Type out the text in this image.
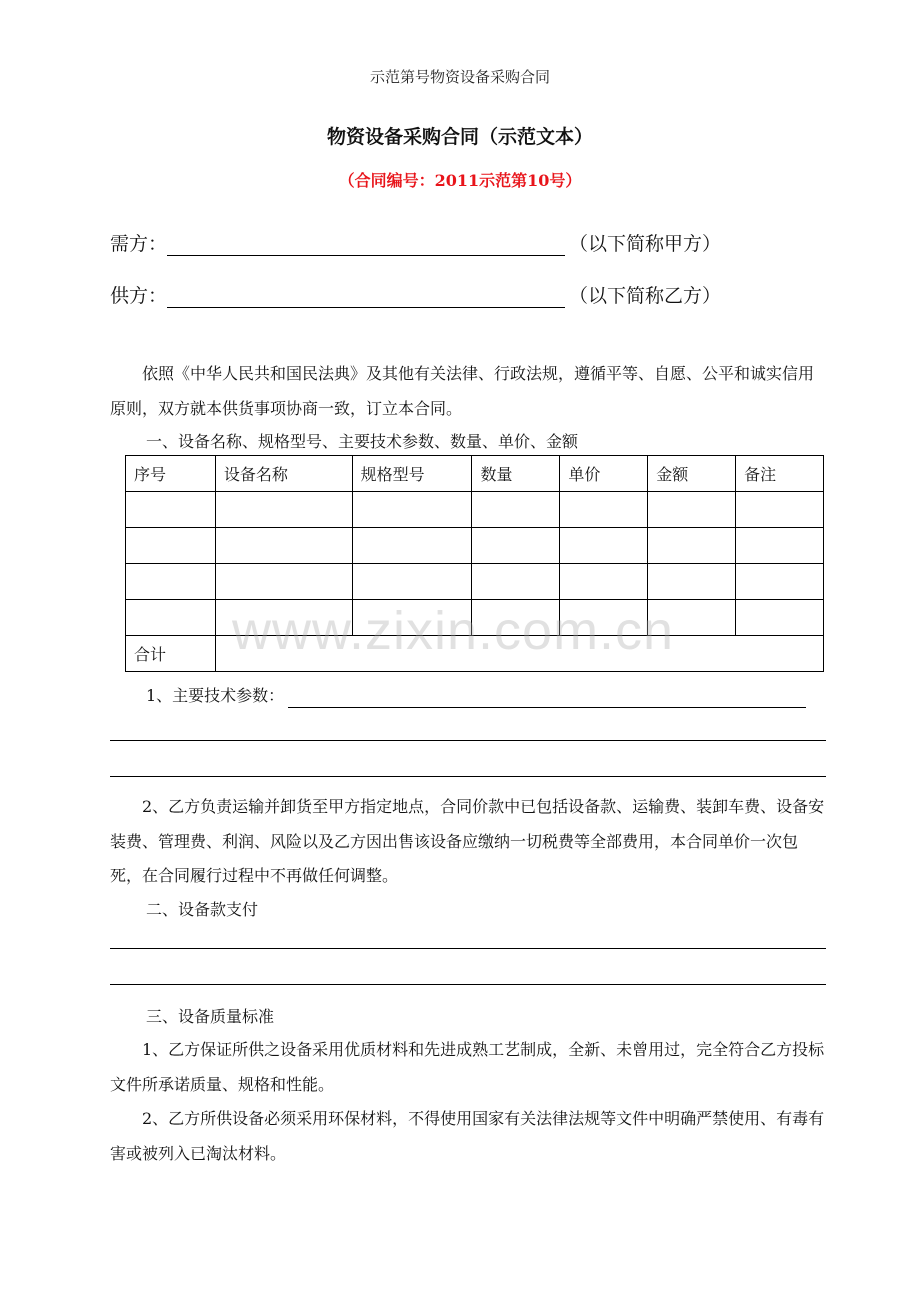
示范第号物资设备采购合同
物资设备采购合同（示范文本）
（合同编号：2011示范第10号）
需方：	（以下简称甲方）
供方：	（以下简称乙方）

依照《中华人民共和国民法典》及其他有关法律、行政法规，遵循平等、自愿、公平和诚实信用原则，双方就本供货事项协商一致，订立本合同。

一、设备名称、规格型号、主要技术参数、数量、单价、金额
序号	设备名称	规格型号	数量	单价	金额	备注

合计						www.zixin.com.cn
1、主要技术参数：

2、乙方负责运输并卸货至甲方指定地点，合同价款中已包括设备款、运输费、装卸车费、设备安装费、管理费、利润、风险以及乙方因出售该设备应缴纳一切税费等全部费用，本合同单价一次包死，在合同履行过程中不再做任何调整。

二、设备款支付
三、设备质量标准

1、乙方保证所供之设备采用优质材料和先进成熟工艺制成，全新、未曾用过，完全符合乙方投标文件所承诺质量、规格和性能。

2、乙方所供设备必须采用环保材料，不得使用国家有关法律法规等文件中明确严禁使用、有毒有害或被列入已淘汰材料。
